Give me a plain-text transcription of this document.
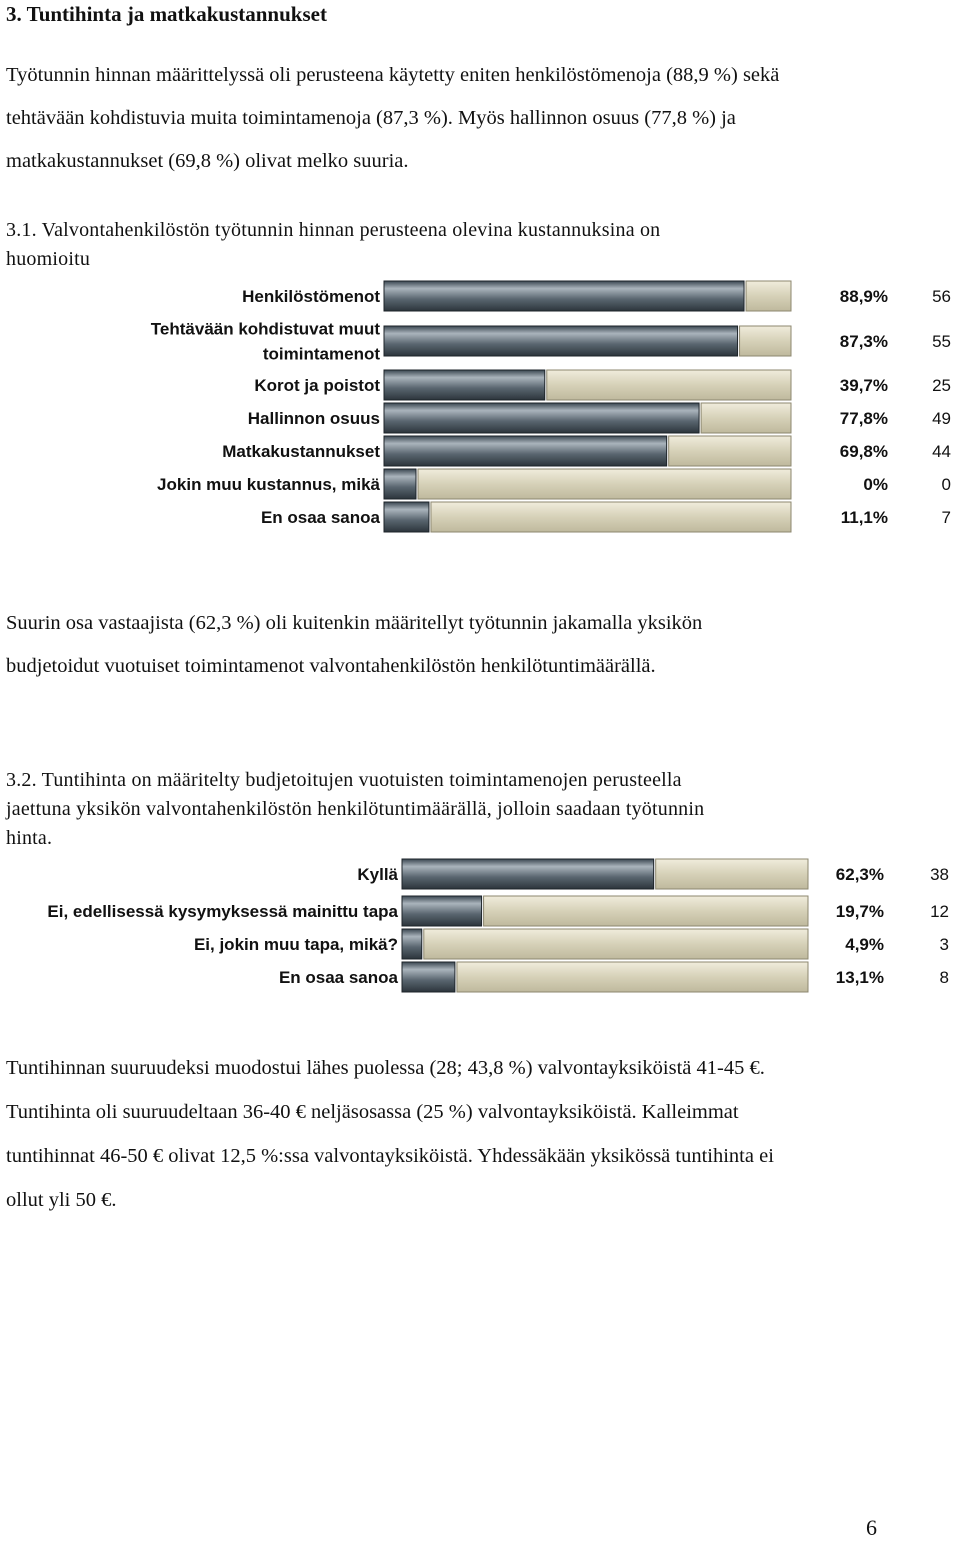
3. Tuntihinta ja matkakustannukset
Työtunnin hinnan määrittelyssä oli perusteena käytetty eniten henkilöstömenoja (88,9 %) sekä
tehtävään kohdistuvia muita toimintamenoja (87,3 %). Myös hallinnon osuus (77,8 %) ja
matkakustannukset (69,8 %) olivat melko suuria.
3.1. Valvontahenkilöstön työtunnin hinnan perusteena olevina kustannuksina on
huomioitu
Henkilöstömenot	88,9%	56
Tehtävään kohdistuvat muut
toimintamenot
87,3%	55
Korot ja poistot	39,7%	25
Hallinnon osuus	77,8%	49
Matkakustannukset	69,8%	44
Jokin muu kustannus, mikä	0%	0
En osaa sanoa	11,1%	7
Suurin osa vastaajista (62,3 %) oli kuitenkin määritellyt työtunnin jakamalla yksikön
budjetoidut vuotuiset toimintamenot valvontahenkilöstön henkilötuntimäärällä.
3.2. Tuntihinta on määritelty budjetoitujen vuotuisten toimintamenojen perusteella
jaettuna yksikön valvontahenkilöstön henkilötuntimäärällä, jolloin saadaan työtunnin
hinta.
Kyllä	62,3%	38
Ei, edellisessä kysymyksessä mainittu tapa	19,7%	12
Ei, jokin muu tapa, mikä?	4,9%	3
En osaa sanoa	13,1%	8
Tuntihinnan suuruudeksi muodostui lähes puolessa (28; 43,8 %) valvontayksiköistä 41-45 €.
Tuntihinta oli suuruudeltaan 36-40 € neljäsosassa (25 %) valvontayksiköistä. Kalleimmat
tuntihinnat 46-50 € olivat 12,5 %:ssa valvontayksiköistä. Yhdessäkään yksikössä tuntihinta ei
ollut yli 50 €.
6
